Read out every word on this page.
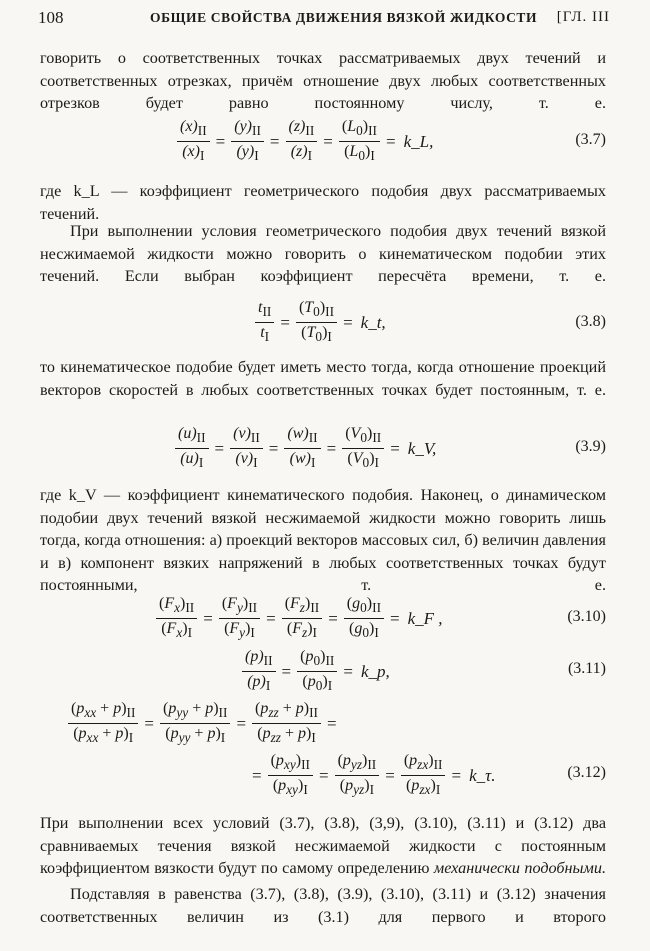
108	ОБЩИЕ СВОЙСТВА ДВИЖЕНИЯ ВЯЗКОЙ ЖИДКОСТИ [ГЛ. III
говорить о соответственных точках рассматриваемых двух течений и соответственных отрезках, причём отношение двух любых соответственных отрезков будет равно постоянному числу, т. е.
$\frac{(x)_{II}}{(x)_I} = \frac{(y)_{II}}{(y)_I} = \frac{(z)_{II}}{(z)_I} = \frac{(L_0)_{II}}{(L_0)_I}$ = k_L,	(3.7)
где k_L — коэффициент геометрического подобия двух рассматриваемых течений.
При выполнении условия геометрического подобия двух течений вязкой несжимаемой жидкости можно говорить о кинематическом подобии этих течений. Если выбран коэффициент пересчёта времени, т. е.
$\frac{t_{II}}{t_I} = \frac{(T_0)_{II}}{(T_0)_I}$ = k_t,	(3.8)
то кинематическое подобие будет иметь место тогда, когда отношение проекций векторов скоростей в любых соответственных точках будет постоянным, т. е.
$\frac{(u)_{II}}{(u)_I} = \frac{(v)_{II}}{(v)_I} = \frac{(w)_{II}}{(w)_I} = \frac{(V_0)_{II}}{(V_0)_I}$ = k_V,	(3.9)
где k_V — коэффициент кинематического подобия. Наконец, о динамическом подобии двух течений вязкой несжимаемой жидкости можно говорить лишь тогда, когда отношения: а) проекций векторов массовых сил, б) величин давления и в) компонент вязких напряжений в любых соответственных точках будут постоянными, т. е.
$\frac{(F_x)_{II}}{(F_x)_I} = \frac{(F_y)_{II}}{(F_y)_I} = \frac{(F_z)_{II}}{(F_z)_I} = \frac{(g_0)_{II}}{(g_0)_I}$ = k_F ,	(3.10)
$\frac{(p)_{II}}{(p)_I} = \frac{(p_0)_{II}}{(p_0)_I}$ = k_p,	(3.11)
$\frac{(p_{xx} + p)_{II}}{(p_{xx} + p)_I} = \frac{(p_{yy} + p)_{II}}{(p_{yy} + p)_I} = \frac{(p_{zz} + p)_{II}}{(p_{zz} + p)_I}$ =
= $\frac{(p_{xy})_{II}}{(p_{xy})_I} = \frac{(p_{yz})_{II}}{(p_{yz})_I} = \frac{(p_{zx})_{II}}{(p_{zx})_I}$ = k_τ.	(3.12)
При выполнении всех условий (3.7), (3.8), (3,9), (3.10), (3.11) и (3.12) два сравниваемых течения вязкой несжимаемой жидкости с постоянным коэффициентом вязкости будут по самому определению механически подобными.
Подставляя в равенства (3.7), (3.8), (3.9), (3.10), (3.11) и (3.12) значения соответственных величин из (3.1) для первого и второго
